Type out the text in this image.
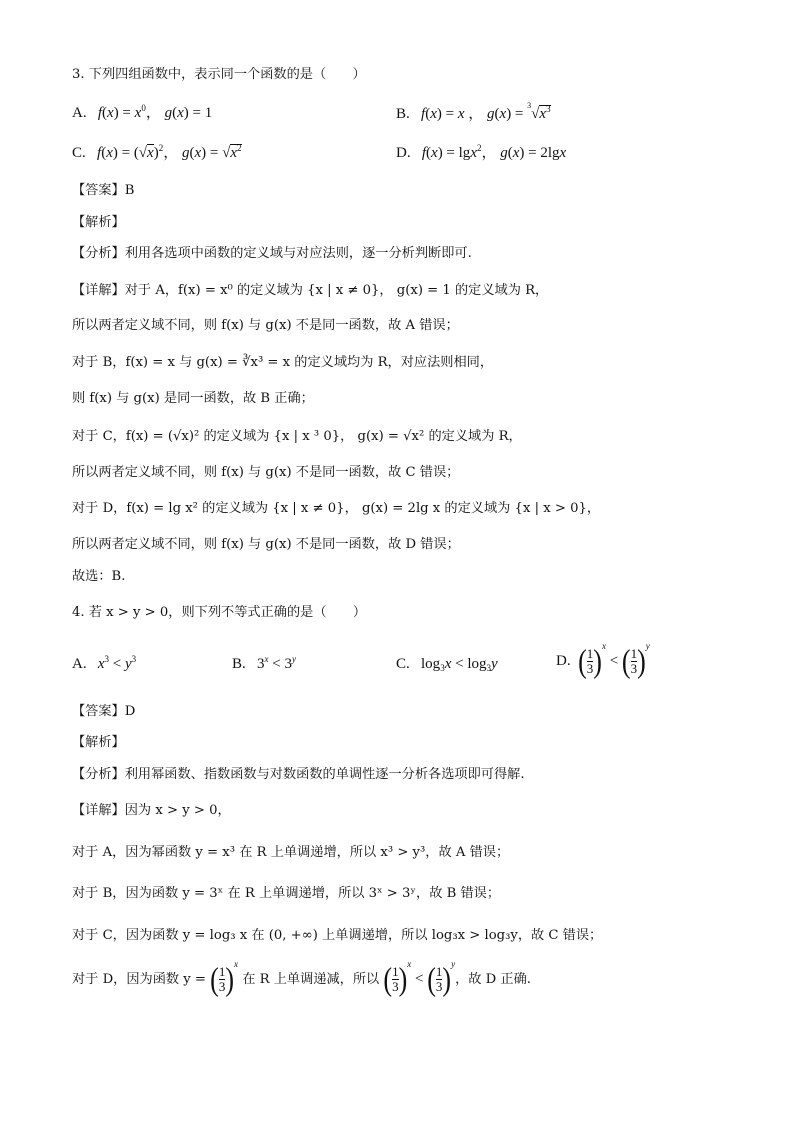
3. 下列四组函数中，表示同一个函数的是（　　）
A. $f(x) = x^0$， g(x) = 1	B. f(x) = x ， $g(x) = ^3√x^3$
C. $f(x) = (√x)^2$， $g(x) = √x^2$	D. f(x) = lgx$^2$， g(x) = 2lgx
【答案】B
【解析】
【分析】利用各选项中函数的定义域与对应法则，逐一分析判断即可.
【详解】对于 A，f(x) = x⁰ 的定义域为 {x | x ≠ 0}， g(x) = 1 的定义域为 R，
所以两者定义域不同，则 f(x) 与 g(x) 不是同一函数，故 A 错误；
对于 B，f(x) = x 与 g(x) = ∛x³ = x 的定义域均为 R，对应法则相同，
则 f(x) 与 g(x) 是同一函数，故 B 正确；
对于 C，f(x) = (√x)² 的定义域为 {x | x ³ 0}， g(x) = √x² 的定义域为 R，
所以两者定义域不同，则 f(x) 与 g(x) 不是同一函数，故 C 错误；
对于 D，f(x) = lg x² 的定义域为 {x | x ≠ 0}， g(x) = 2lg x 的定义域为 {x | x > 0}，
所以两者定义域不同，则 f(x) 与 g(x) 不是同一函数，故 D 错误；
故选：B.
4. 若 x > y > 0，则下列不等式正确的是（　　）
A. $x^3 < y^3$	B.   $3^x < 3^y$	C.   $\log_3x < \log_3y$	D. ( $\frac{1}{3} )^x$ < ( $\frac{1}{3} )^y$
【答案】D
【解析】
【分析】利用幂函数、指数函数与对数函数的单调性逐一分析各选项即可得解.
【详解】因为 x > y > 0，
对于 A，因为幂函数 y = x³ 在 R 上单调递增，所以 x³ > y³，故 A 错误；
对于 B，因为函数 y = 3ˣ 在 R 上单调递增，所以 3ˣ > 3ʸ，故 B 错误；
对于 C，因为函数 y = log₃ x 在 (0, +∞) 上单调递增，所以 log₃x > log₃y，故 C 错误；
对于 D，因为函数 y = ( $\frac{1}{3} )^x$ 在 R 上单调递减，所以 ( $\frac{1}{3} )^x$ < ( $\frac{1}{3} )^y$，故 D 正确.
